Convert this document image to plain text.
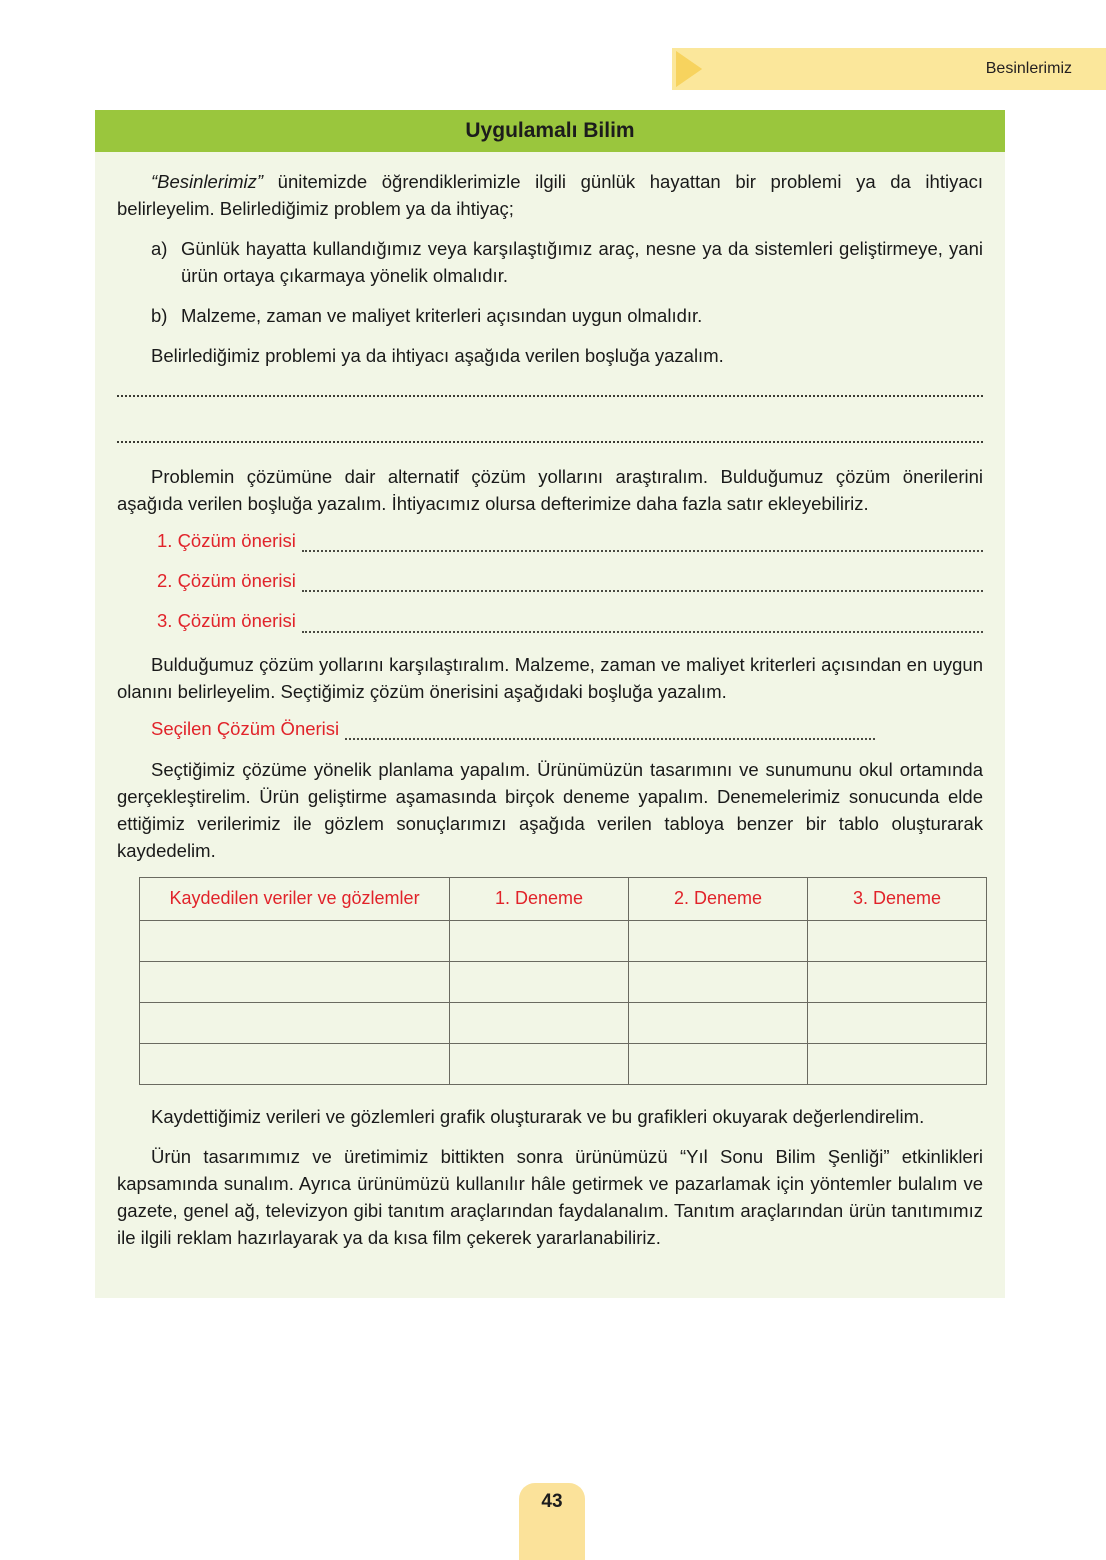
Besinlerimiz
Uygulamalı Bilim

“Besinlerimiz” ünitemizde öğrendiklerimizle ilgili günlük hayattan bir problemi ya da ihtiyacı belirleyelim. Belirlediğimiz problem ya da ihtiyaç;

a) Günlük hayatta kullandığımız veya karşılaştığımız araç, nesne ya da sistemleri geliştirmeye, yani ürün ortaya çıkarmaya yönelik olmalıdır.
b) Malzeme, zaman ve maliyet kriterleri açısından uygun olmalıdır.

Belirlediğimiz problemi ya da ihtiyacı aşağıda verilen boşluğa yazalım.

Problemin çözümüne dair alternatif çözüm yollarını araştıralım. Bulduğumuz çözüm önerilerini aşağıda verilen boşluğa yazalım. İhtiyacımız olursa defterimize daha fazla satır ekleyebiliriz.

1. Çözüm önerisi
2. Çözüm önerisi
3. Çözüm önerisi

Bulduğumuz çözüm yollarını karşılaştıralım. Malzeme, zaman ve maliyet kriterleri açısından en uygun olanını belirleyelim. Seçtiğimiz çözüm önerisini aşağıdaki boşluğa yazalım.

Seçilen Çözüm Önerisi

Seçtiğimiz çözüme yönelik planlama yapalım. Ürünümüzün tasarımını ve sunumunu okul ortamında gerçekleştirelim. Ürün geliştirme aşamasında birçok deneme yapalım. Denemelerimiz sonucunda elde ettiğimiz verilerimiz ile gözlem sonuçlarımızı aşağıda verilen tabloya benzer bir tablo oluşturarak kaydedelim.

Kaydedilen veriler ve gözlemler	1. Deneme	2. Deneme	3. Deneme

Kaydettiğimiz verileri ve gözlemleri grafik oluşturarak ve bu grafikleri okuyarak değerlendirelim.

Ürün tasarımımız ve üretimimiz bittikten sonra ürünümüzü “Yıl Sonu Bilim Şenliği” etkinlikleri kapsamında sunalım. Ayrıca ürünümüzü kullanılır hâle getirmek ve pazarlamak için yöntemler bulalım ve gazete, genel ağ, televizyon gibi tanıtım araçlarından faydalanalım. Tanıtım araçlarından ürün tanıtımımız ile ilgili reklam hazırlayarak ya da kısa film çekerek yararlanabiliriz.

43
